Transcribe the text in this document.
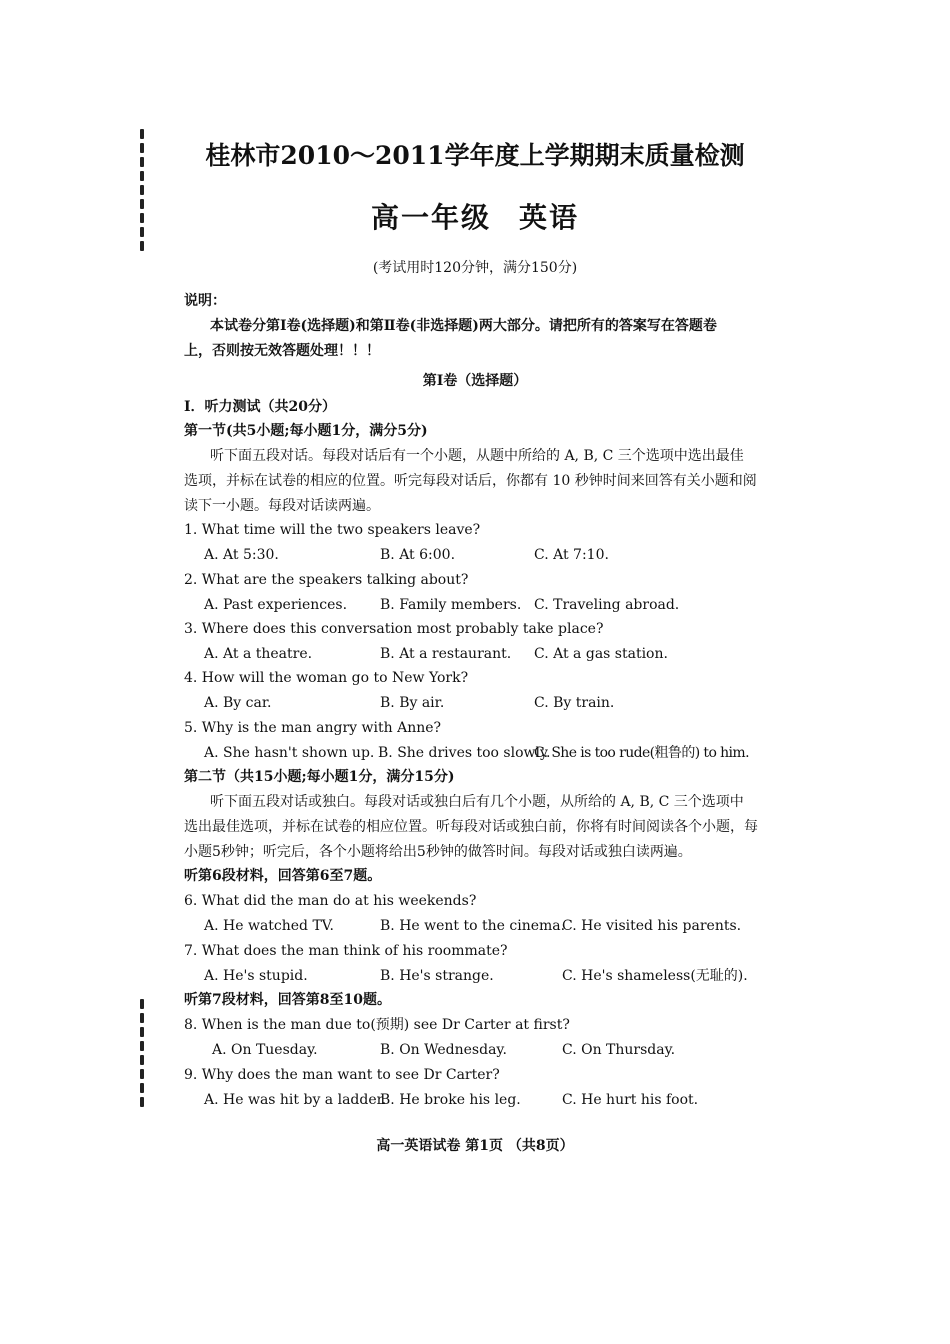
桂林市2010～2011学年度上学期期末质量检测
高一年级 英语
(考试用时120分钟，满分150分)
说明：
本试卷分第Ⅰ卷(选择题)和第Ⅱ卷(非选择题)两大部分。请把所有的答案写在答题卷
上，否则按无效答题处理！！！
第Ⅰ卷（选择题）
Ⅰ．听力测试（共20分）
第一节(共5小题;每小题1分，满分5分)
听下面五段对话。每段对话后有一个小题，从题中所给的 A, B, C 三个选项中选出最佳
选项，并标在试卷的相应的位置。听完每段对话后，你都有 10 秒钟时间来回答有关小题和阅
读下一小题。每段对话读两遍。
1. What time will the two speakers leave?
A. At 5:30.	B. At 6:00.	C. At 7:10.
2. What are the speakers talking about?
A. Past experiences. B. Family members. C. Traveling abroad.
3. Where does this conversation most probably take place?
A. At a theatre.	B. At a restaurant. C. At a gas station.
4. How will the woman go to New York?
A. By car.	B. By air.	C. By train.
5. Why is the man angry with Anne?
A. She hasn't shown up. B. She drives too slowly.
C. She is too rude(粗鲁的) to him.
第二节（共15小题;每小题1分，满分15分)
听下面五段对话或独白。每段对话或独白后有几个小题，从所给的 A, B, C 三个选项中
选出最佳选项，并标在试卷的相应位置。听每段对话或独白前，你将有时间阅读各个小题，每
小题5秒钟；听完后，各个小题将给出5秒钟的做答时间。每段对话或独白读两遍。
听第6段材料，回答第6至7题。
6. What did the man do at his weekends?
A. He watched TV.	B. He went to the cinema.
C. He visited his parents.
7. What does the man think of his roommate?
A. He's stupid.	B. He's strange.	C. He's shameless(无耻的).
听第7段材料，回答第8至10题。
8. When is the man due to(预期) see Dr Carter at first?
A. On Tuesday.	B. On Wednesday.	C. On Thursday.
9. Why does the man want to see Dr Carter?
A. He was hit by a ladder.
B. He broke his leg.	C. He hurt his foot.
高一英语试卷 第1页 （共8页）
